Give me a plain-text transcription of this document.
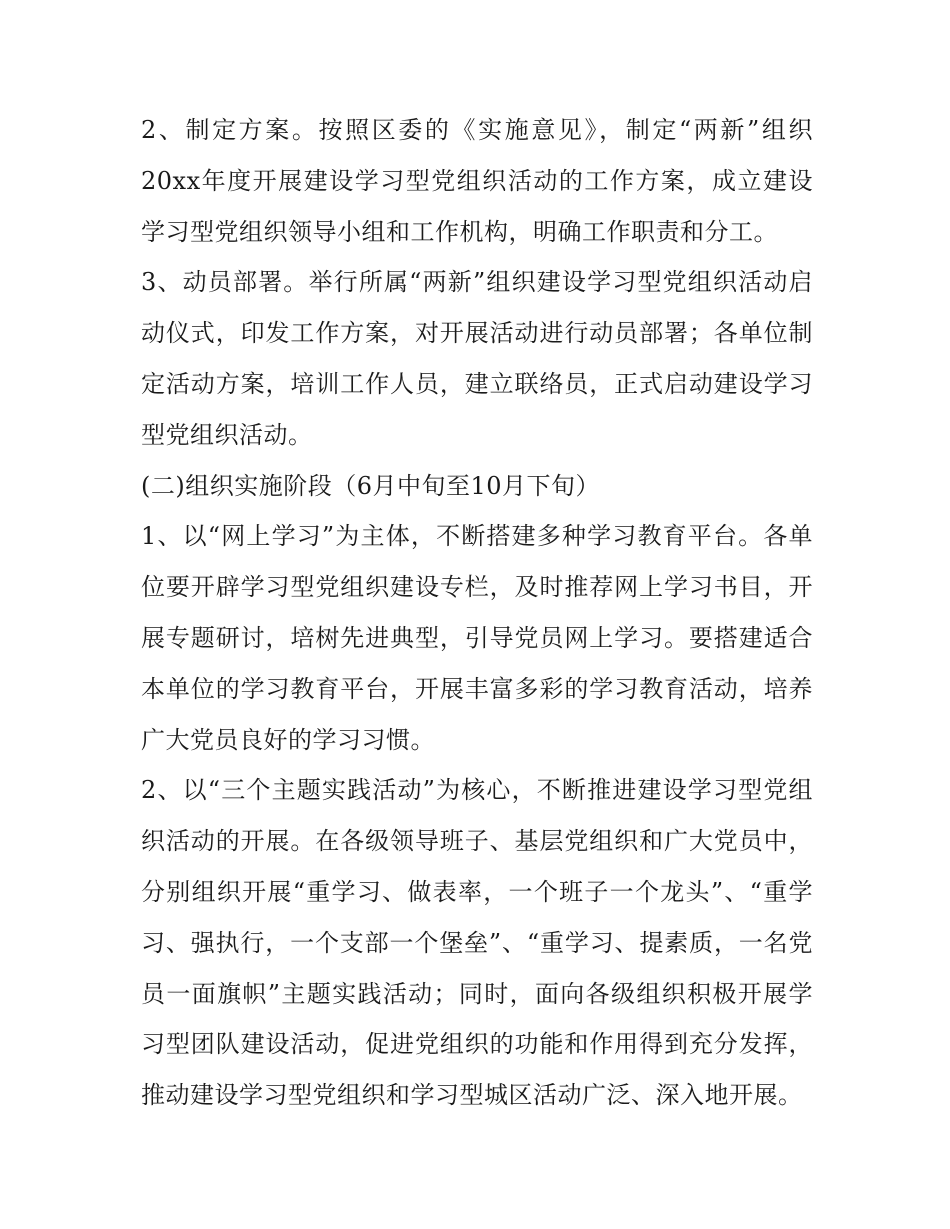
2、制定方案。按照区委的《实施意见》，制定“两新”组织20xx年度开展建设学习型党组织活动的工作方案，成立建设学习型党组织领导小组和工作机构，明确工作职责和分工。

3、动员部署。举行所属“两新”组织建设学习型党组织活动启动仪式，印发工作方案，对开展活动进行动员部署；各单位制定活动方案，培训工作人员，建立联络员，正式启动建设学习型党组织活动。

(二)组织实施阶段（6月中旬至10月下旬）

1、以“网上学习”为主体，不断搭建多种学习教育平台。各单位要开辟学习型党组织建设专栏，及时推荐网上学习书目，开展专题研讨，培树先进典型，引导党员网上学习。要搭建适合本单位的学习教育平台，开展丰富多彩的学习教育活动，培养广大党员良好的学习习惯。

2、以“三个主题实践活动”为核心，不断推进建设学习型党组织活动的开展。在各级领导班子、基层党组织和广大党员中，分别组织开展“重学习、做表率，一个班子一个龙头”、“重学习、强执行，一个支部一个堡垒”、“重学习、提素质，一名党员一面旗帜”主题实践活动；同时，面向各级组织积极开展学习型团队建设活动，促进党组织的功能和作用得到充分发挥，推动建设学习型党组织和学习型城区活动广泛、深入地开展。
